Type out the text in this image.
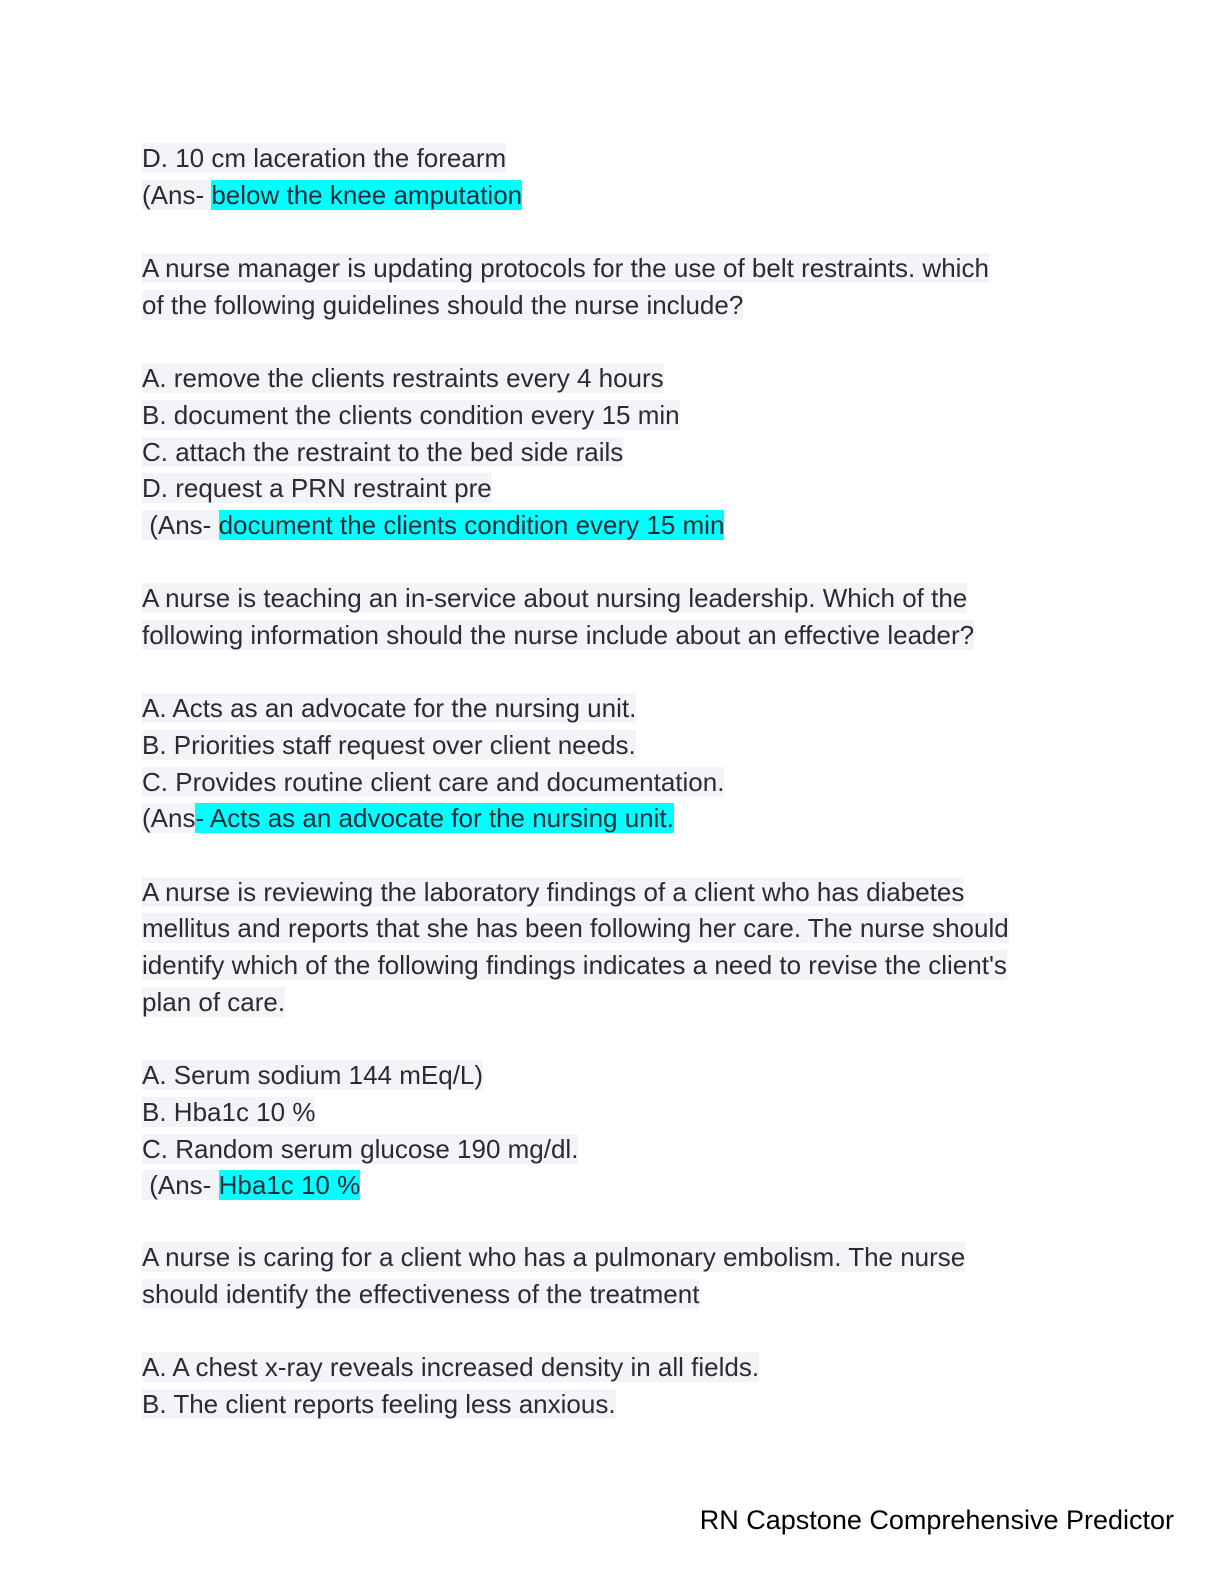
D. 10 cm laceration the forearm
(Ans- below the knee amputation
A nurse manager is updating protocols for the use of belt restraints. which
of the following guidelines should the nurse include?
A. remove the clients restraints every 4 hours
B. document the clients condition every 15 min
C. attach the restraint to the bed side rails
D. request a PRN restraint pre
(Ans- document the clients condition every 15 min
A nurse is teaching an in-service about nursing leadership. Which of the
following information should the nurse include about an effective leader?
A. Acts as an advocate for the nursing unit.
B. Priorities staff request over client needs.
C. Provides routine client care and documentation.
(Ans- Acts as an advocate for the nursing unit.
A nurse is reviewing the laboratory findings of a client who has diabetes
mellitus and reports that she has been following her care. The nurse should
identify which of the following findings indicates a need to revise the client's
plan of care.
A. Serum sodium 144 mEq/L)
B. Hba1c 10 %
C. Random serum glucose 190 mg/dl.
(Ans- Hba1c 10 %
A nurse is caring for a client who has a pulmonary embolism. The nurse
should identify the effectiveness of the treatment
A. A chest x-ray reveals increased density in all fields.
B. The client reports feeling less anxious.
RN Capstone Comprehensive Predictor
